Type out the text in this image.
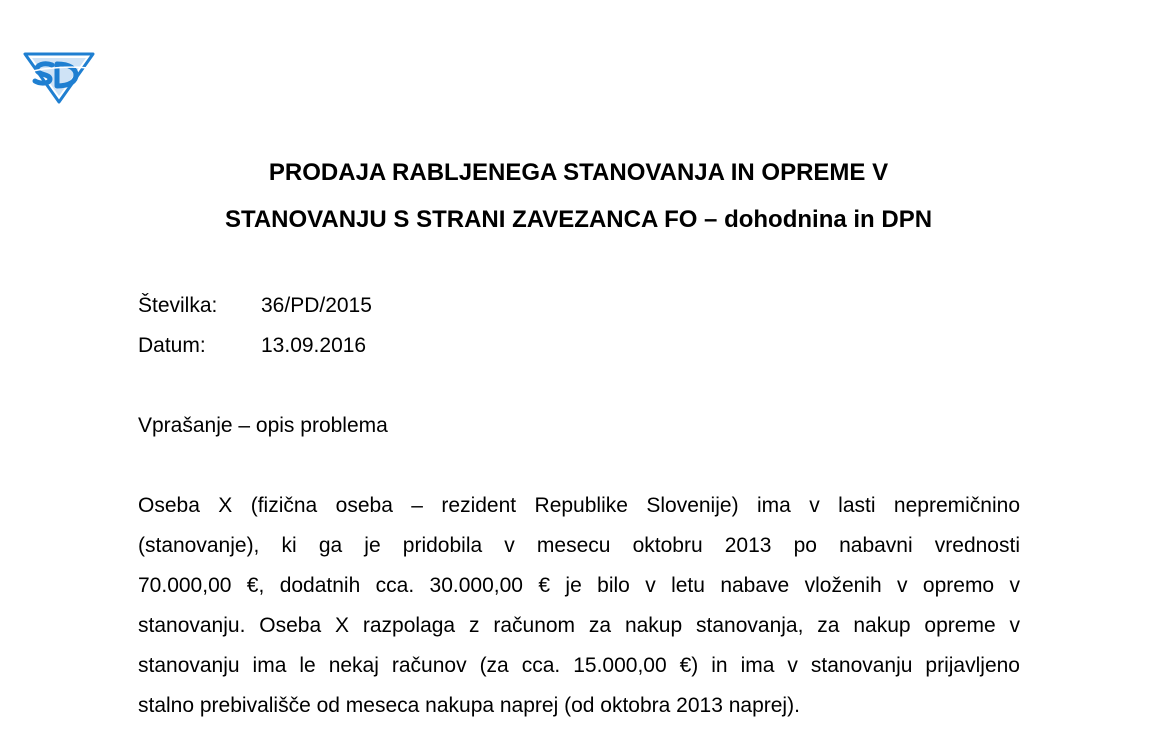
PRODAJA RABLJENEGA STANOVANJA IN OPREME V
STANOVANJU S STRANI ZAVEZANCA FO – dohodnina in DPN
Številka: 36/PD/2015
Datum:	13.09.2016
Vprašanje – opis problema
Oseba X (fizična oseba – rezident Republike Slovenije) ima v lasti nepremičnino
(stanovanje), ki ga je pridobila v mesecu oktobru 2013 po nabavni vrednosti
70.000,00 €, dodatnih cca. 30.000,00 € je bilo v letu nabave vloženih v opremo v
stanovanju. Oseba X razpolaga z računom za nakup stanovanja, za nakup opreme v
stanovanju ima le nekaj računov (za cca. 15.000,00 €) in ima v stanovanju prijavljeno
stalno prebivališče od meseca nakupa naprej (od oktobra 2013 naprej).
